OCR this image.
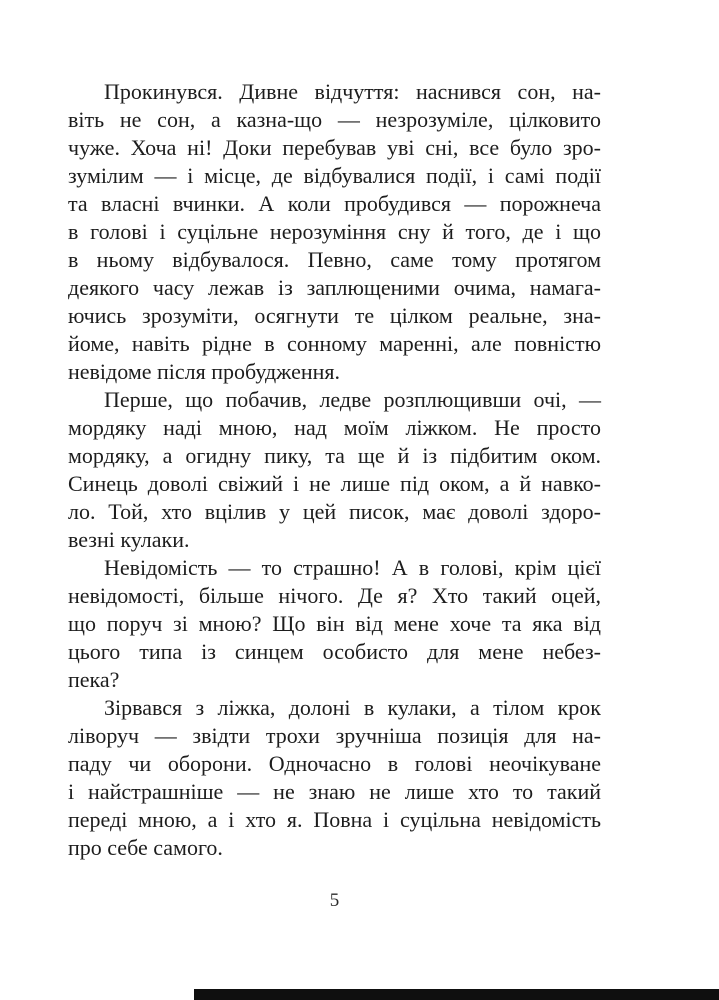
Прокинувся. Дивне відчуття: наснився сон, на-
віть не сон, а казна-що — незрозуміле, цілковито
чуже. Хоча ні! Доки перебував уві сні, все було зро-
зумілим — і місце, де відбувалися події, і самі події
та власні вчинки. А коли пробудився — порожнеча
в голові і суцільне нерозуміння сну й того, де і що
в ньому відбувалося. Певно, саме тому протягом
деякого часу лежав із заплющеними очима, намага-
ючись зрозуміти, осягнути те цілком реальне, зна-
йоме, навіть рідне в сонному маренні, але повністю
невідоме після пробудження.
Перше, що побачив, ледве розплющивши очі, —
мордяку наді мною, над моїм ліжком. Не просто
мордяку, а огидну пику, та ще й із підбитим оком.
Синець доволі свіжий і не лише під оком, а й навко-
ло. Той, хто вцілив у цей писок, має доволі здоро-
везні кулаки.
Невідомість — то страшно! А в голові, крім цієї
невідомості, більше нічого. Де я? Хто такий оцей,
що поруч зі мною? Що він від мене хоче та яка від
цього типа із синцем особисто для мене небез-
пека?
Зірвався з ліжка, долоні в кулаки, а тілом крок
ліворуч — звідти трохи зручніша позиція для на-
паду чи оборони. Одночасно в голові неочікуване
і найстрашніше — не знаю не лише хто то такий
переді мною, а і хто я. Повна і суцільна невідомість
про себе самого.
5
